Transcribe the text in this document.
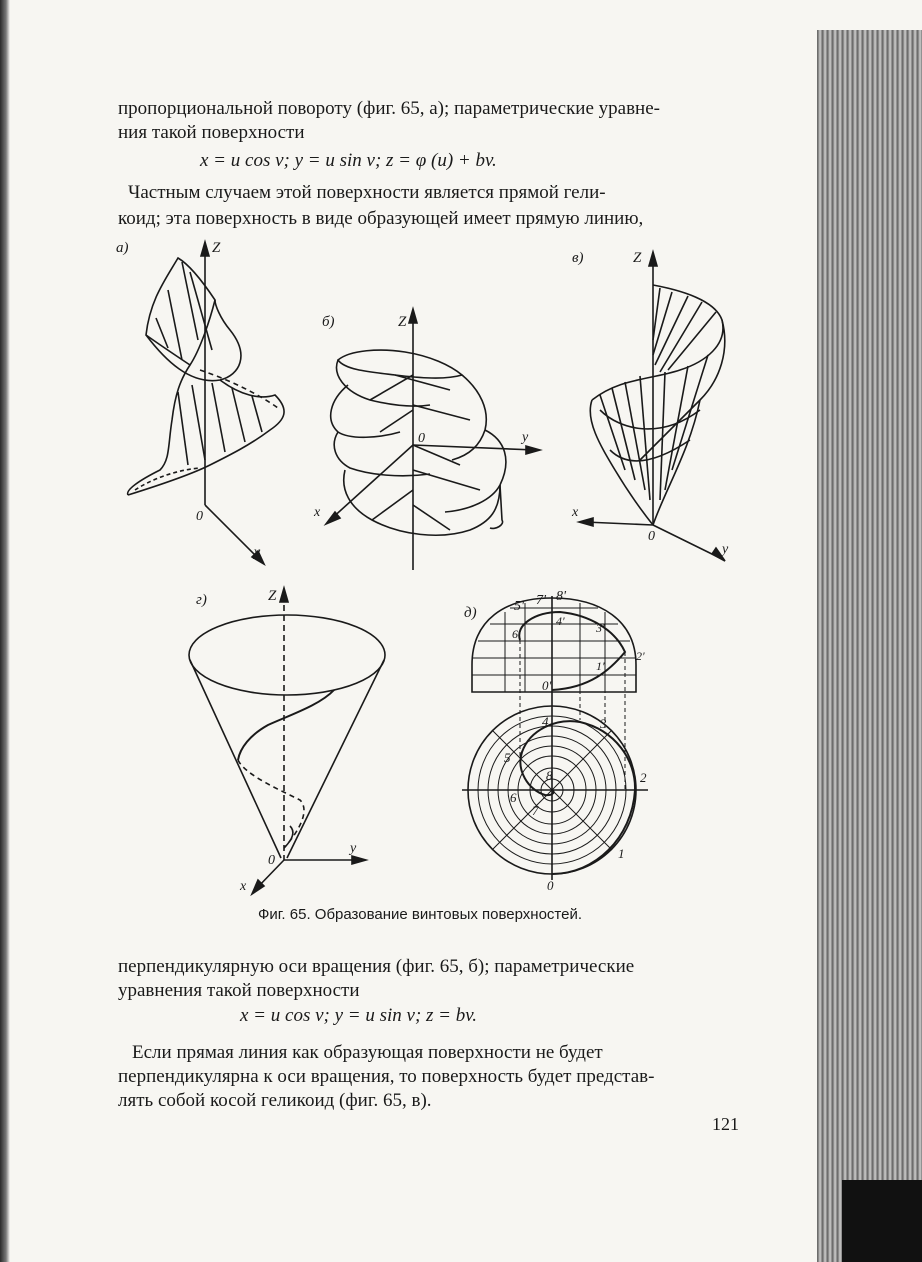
пропорциональной повороту (фиг. 65, а); параметрические уравне-
ния такой поверхности
x = u cos v; y = u sin v; z = φ (u) + bv.
Частным случаем этой поверхности является прямой гели-
коид; эта поверхность в виде образующей имеет прямую линию,
а)	Z
0
y
б)	Z
y
x
0
в)	Z
x
y
0
г)	Z
y
x
0
д)	5' 7' 8'
4'	3'
2'
1'
6'
0'
4	3
5
8	2
6
7
1
0
Фиг. 65. Образование винтовых поверхностей.
перпендикулярную оси вращения (фиг. 65, б); параметрические
уравнения такой поверхности
x = u cos v; y = u sin v; z = bv.
Если прямая линия как образующая поверхности не будет
перпендикулярна к оси вращения, то поверхность будет представ-
лять собой косой геликоид (фиг. 65, в).
121
